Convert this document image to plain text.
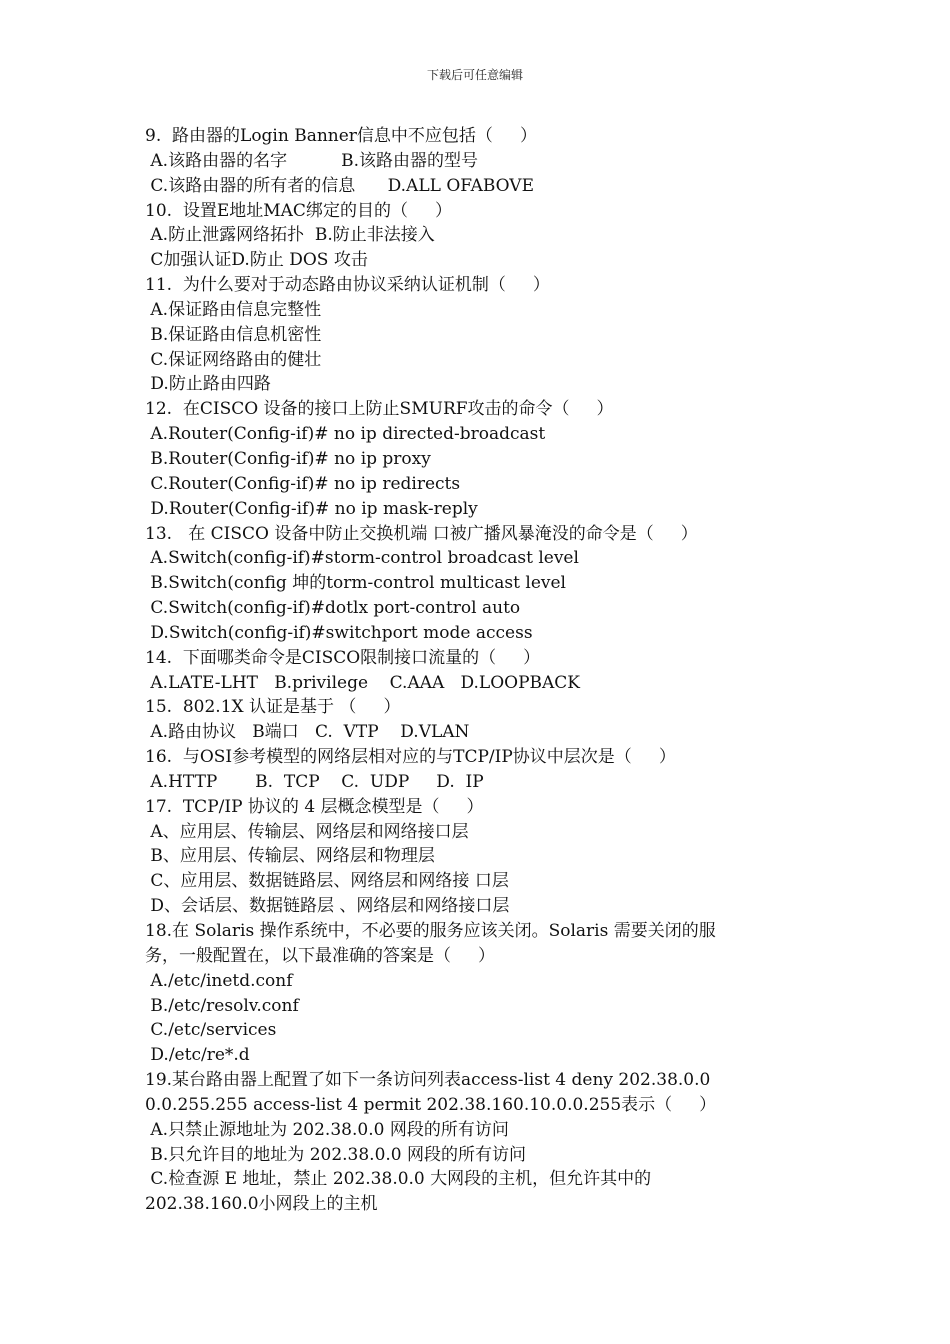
下载后可任意编辑
9.  路由器的Login Banner信息中不应包括（     ）
A.该路由器的名字          B.该路由器的型号
C.该路由器的所有者的信息      D.ALL OFABOVE
10.  设置E地址MAC绑定的目的（     ）
A.防止泄露网络拓扑  B.防止非法接入
C加强认证D.防止 DOS 攻击
11.  为什么要对于动态路由协议采纳认证机制（     ）
A.保证路由信息完整性
B.保证路由信息机密性
C.保证网络路由的健壮
D.防止路由四路
12.  在CISCO 设备的接口上防止SMURF攻击的命令（     ）
A.Router(Config-if)# no ip directed-broadcast
B.Router(Config-if)# no ip proxy
C.Router(Config-if)# no ip redirects
D.Router(Config-if)# no ip mask-reply
13.   在 CISCO 设备中防止交换机端 口被广播风暴淹没的命令是（     ）
A.Switch(config-if)#storm-control broadcast level
B.Switch(config 坤的torm-control multicast level
C.Switch(config-if)#dotlx port-control auto
D.Switch(config-if)#switchport mode access
14.  下面哪类命令是CISCO限制接口流量的（     ）
A.LATE-LHT   B.privilege    C.AAA   D.LOOPBACK
15.  802.1X 认证是基于 （     ）
A.路由协议   B端口   C.  VTP    D.VLAN
16.  与OSI参考模型的网络层相对应的与TCP/IP协议中层次是（     ）
A.HTTP       B.  TCP    C.  UDP     D.  IP
17.  TCP/IP 协议的 4 层概念模型是（     ）
A、应用层、传输层、网络层和网络接口层
B、应用层、传输层、网络层和物理层
C、应用层、数据链路层、网络层和网络接 口层
D、会话层、数据链路层 、网络层和网络接口层
18.在 Solaris 操作系统中，不必要的服务应该关闭。Solaris 需要关闭的服
务，一般配置在，以下最准确的答案是（     ）
A./etc/inetd.conf
B./etc/resolv.conf
C./etc/services
D./etc/re*.d
19.某台路由器上配置了如下一条访问列表access-list 4 deny 202.38.0.0
0.0.255.255 access-list 4 permit 202.38.160.10.0.0.255表示（     ）
A.只禁止源地址为 202.38.0.0 网段的所有访问
B.只允许目的地址为 202.38.0.0 网段的所有访问
C.检查源 E 地址，禁止 202.38.0.0 大网段的主机，但允许其中的
202.38.160.0小网段上的主机
